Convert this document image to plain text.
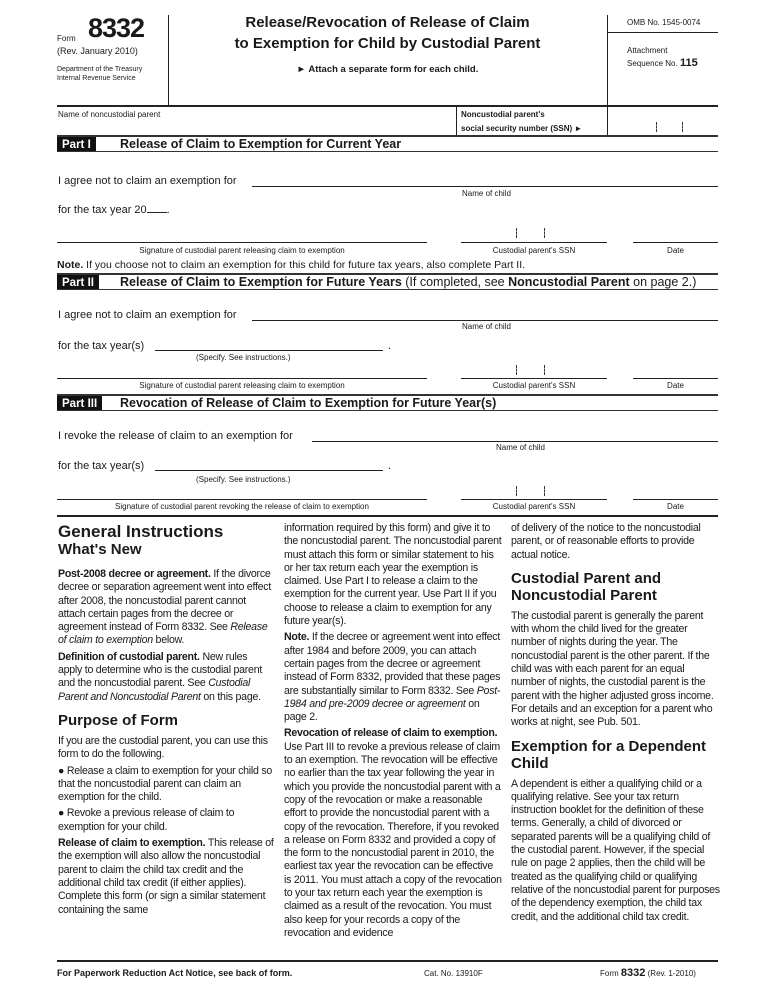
Form 8332
(Rev. January 2010)
Department of the Treasury
Internal Revenue Service
Release/Revocation of Release of Claim
to Exemption for Child by Custodial Parent
► Attach a separate form for each child.
OMB No. 1545-0074
Attachment
Sequence No. 115
Name of noncustodial parent	Noncustodial parent's
social security number (SSN) ►
Part I	Release of Claim to Exemption for Current Year
I agree not to claim an exemption for
Name of child
for the tax year 20 .
Signature of custodial parent releasing claim to exemption	Custodial parent's SSN	Date
Note. If you choose not to claim an exemption for this child for future tax years, also complete Part II.
Part II	Release of Claim to Exemption for Future Years (If completed, see Noncustodial Parent on page 2.)
I agree not to claim an exemption for
Name of child
for the tax year(s)	.
(Specify. See instructions.)
Signature of custodial parent releasing claim to exemption	Custodial parent's SSN	Date
Part III	Revocation of Release of Claim to Exemption for Future Year(s)
I revoke the release of claim to an exemption for
Name of child
for the tax year(s)	.
(Specify. See instructions.)
Signature of custodial parent revoking the release of claim to exemption	Custodial parent's SSN	Date
General Instructions
What's New

Post-2008 decree or agreement. If the divorce decree or separation agreement went into effect after 2008, the noncustodial parent cannot attach certain pages from the decree or agreement instead of Form 8332. See Release of claim to exemption below.

Definition of custodial parent. New rules apply to determine who is the custodial parent and the noncustodial parent. See Custodial Parent and Noncustodial Parent on this page.

Purpose of Form

If you are the custodial parent, you can use this form to do the following.

● Release a claim to exemption for your child so that the noncustodial parent can claim an exemption for the child.

● Revoke a previous release of claim to exemption for your child.

Release of claim to exemption. This release of the exemption will also allow the noncustodial parent to claim the child tax credit and the additional child tax credit (if either applies). Complete this form (or sign a similar statement containing the same

information required by this form) and give it to the noncustodial parent. The noncustodial parent must attach this form or similar statement to his or her tax return each year the exemption is claimed. Use Part I to release a claim to the exemption for the current year. Use Part II if you choose to release a claim to exemption for any future year(s).

Note. If the decree or agreement went into effect after 1984 and before 2009, you can attach certain pages from the decree or agreement instead of Form 8332, provided that these pages are substantially similar to Form 8332. See Post-1984 and pre-2009 decree or agreement on page 2.

Revocation of release of claim to exemption. Use Part III to revoke a previous release of claim to an exemption. The revocation will be effective no earlier than the tax year following the year in which you provide the noncustodial parent with a copy of the revocation or make a reasonable effort to provide the noncustodial parent with a copy of the revocation. Therefore, if you revoked a release on Form 8332 and provided a copy of the form to the noncustodial parent in 2010, the earliest tax year the revocation can be effective is 2011. You must attach a copy of the revocation to your tax return each year the exemption is claimed as a result of the revocation. You must also keep for your records a copy of the revocation and evidence

of delivery of the notice to the noncustodial parent, or of reasonable efforts to provide actual notice.

Custodial Parent and Noncustodial Parent

The custodial parent is generally the parent with whom the child lived for the greater number of nights during the year. The noncustodial parent is the other parent. If the child was with each parent for an equal number of nights, the custodial parent is the parent with the higher adjusted gross income. For details and an exception for a parent who works at night, see Pub. 501.

Exemption for a Dependent Child

A dependent is either a qualifying child or a qualifying relative. See your tax return instruction booklet for the definition of these terms. Generally, a child of divorced or separated parents will be a qualifying child of the custodial parent. However, if the special rule on page 2 applies, then the child will be treated as the qualifying child or qualifying relative of the noncustodial parent for purposes of the dependency exemption, the child tax credit, and the additional child tax credit.

For Paperwork Reduction Act Notice, see back of form.	Cat. No. 13910F	Form 8332 (Rev. 1-2010)
